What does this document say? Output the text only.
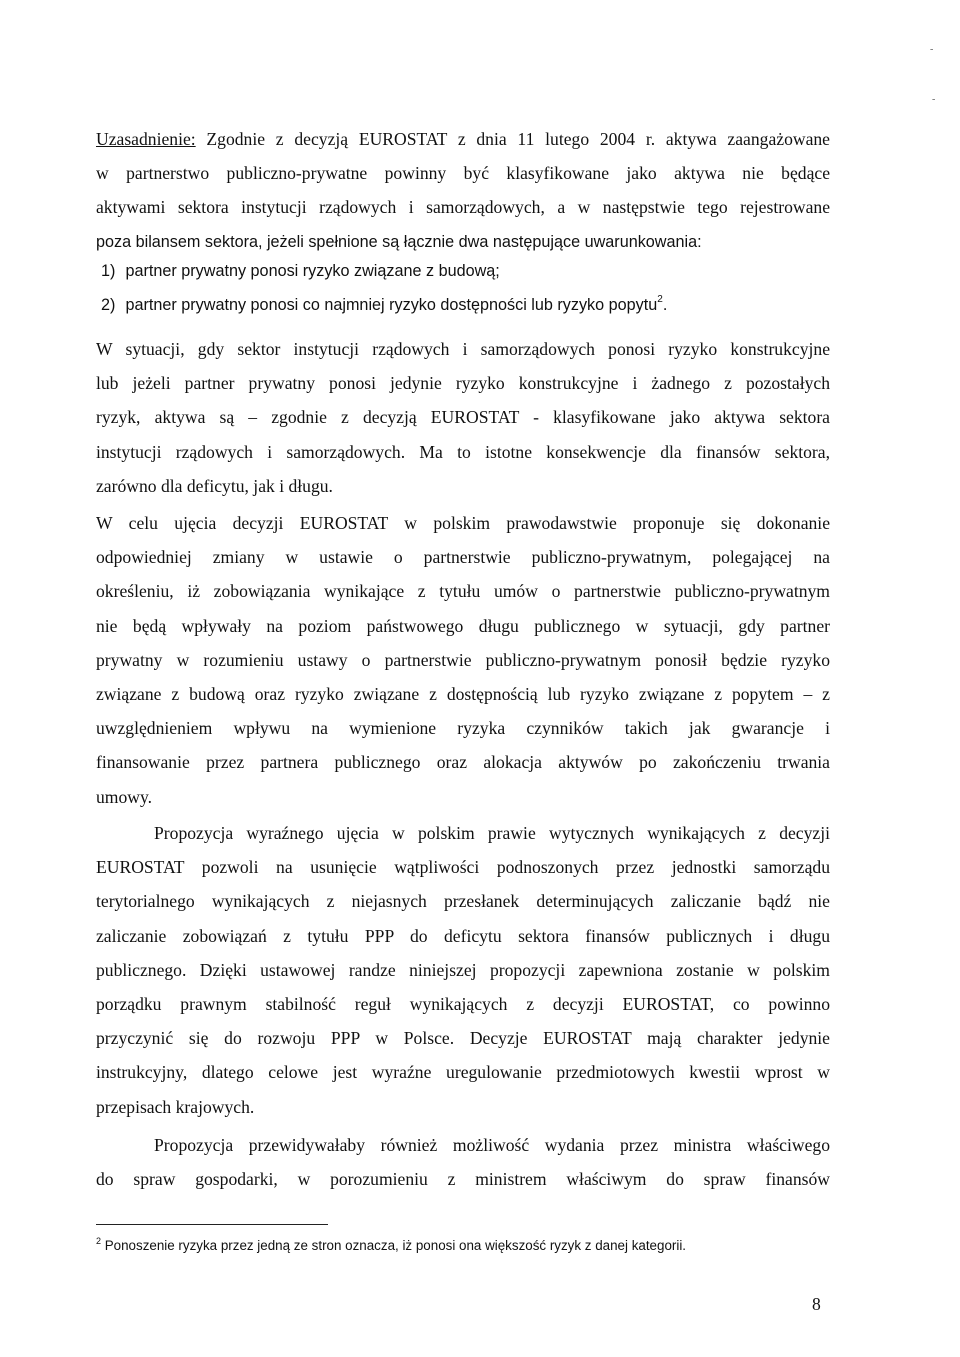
-
-
Uzasadnienie: Zgodnie z decyzją EUROSTAT z dnia 11 lutego 2004 r. aktywa zaangażowane
w partnerstwo publiczno-prywatne powinny być klasyfikowane jako aktywa nie będące
aktywami sektora instytucji rządowych i samorządowych, a w następstwie tego rejestrowane
poza bilansem sektora, jeżeli spełnione są łącznie dwa następujące uwarunkowania:
1) partner prywatny ponosi ryzyko związane z budową;
2) partner prywatny ponosi co najmniej ryzyko dostępności lub ryzyko popytu$^2$.
W sytuacji, gdy sektor instytucji rządowych i samorządowych ponosi ryzyko konstrukcyjne
lub jeżeli partner prywatny ponosi jedynie ryzyko konstrukcyjne i żadnego z pozostałych
ryzyk, aktywa są – zgodnie z decyzją EUROSTAT - klasyfikowane jako aktywa sektora
instytucji rządowych i samorządowych. Ma to istotne konsekwencje dla finansów sektora,
zarówno dla deficytu, jak i długu.
W celu ujęcia decyzji EUROSTAT w polskim prawodawstwie proponuje się dokonanie
odpowiedniej zmiany w ustawie o partnerstwie publiczno-prywatnym, polegającej na
określeniu, iż zobowiązania wynikające z tytułu umów o partnerstwie publiczno-prywatnym
nie będą wpływały na poziom państwowego długu publicznego w sytuacji, gdy partner
prywatny w rozumieniu ustawy o partnerstwie publiczno-prywatnym ponosił będzie ryzyko
związane z budową oraz ryzyko związane z dostępnością lub ryzyko związane z popytem – z
uwzględnieniem wpływu na wymienione ryzyka czynników takich jak gwarancje i
finansowanie przez partnera publicznego oraz alokacja aktywów po zakończeniu trwania
umowy.
Propozycja wyraźnego ujęcia w polskim prawie wytycznych wynikających z decyzji
EUROSTAT pozwoli na usunięcie wątpliwości podnoszonych przez jednostki samorządu
terytorialnego wynikających z niejasnych przesłanek determinujących zaliczanie bądź nie
zaliczanie zobowiązań z tytułu PPP do deficytu sektora finansów publicznych i długu
publicznego. Dzięki ustawowej randze niniejszej propozycji zapewniona zostanie w polskim
porządku prawnym stabilność reguł wynikających z decyzji EUROSTAT, co powinno
przyczynić się do rozwoju PPP w Polsce. Decyzje EUROSTAT mają charakter jedynie
instrukcyjny, dlatego celowe jest wyraźne uregulowanie przedmiotowych kwestii wprost w
przepisach krajowych.
Propozycja przewidywałaby również możliwość wydania przez ministra właściwego
do spraw gospodarki, w porozumieniu z ministrem właściwym do spraw finansów
$^2$ Ponoszenie ryzyka przez jedną ze stron oznacza, iż ponosi ona większość ryzyk z danej kategorii.
8
